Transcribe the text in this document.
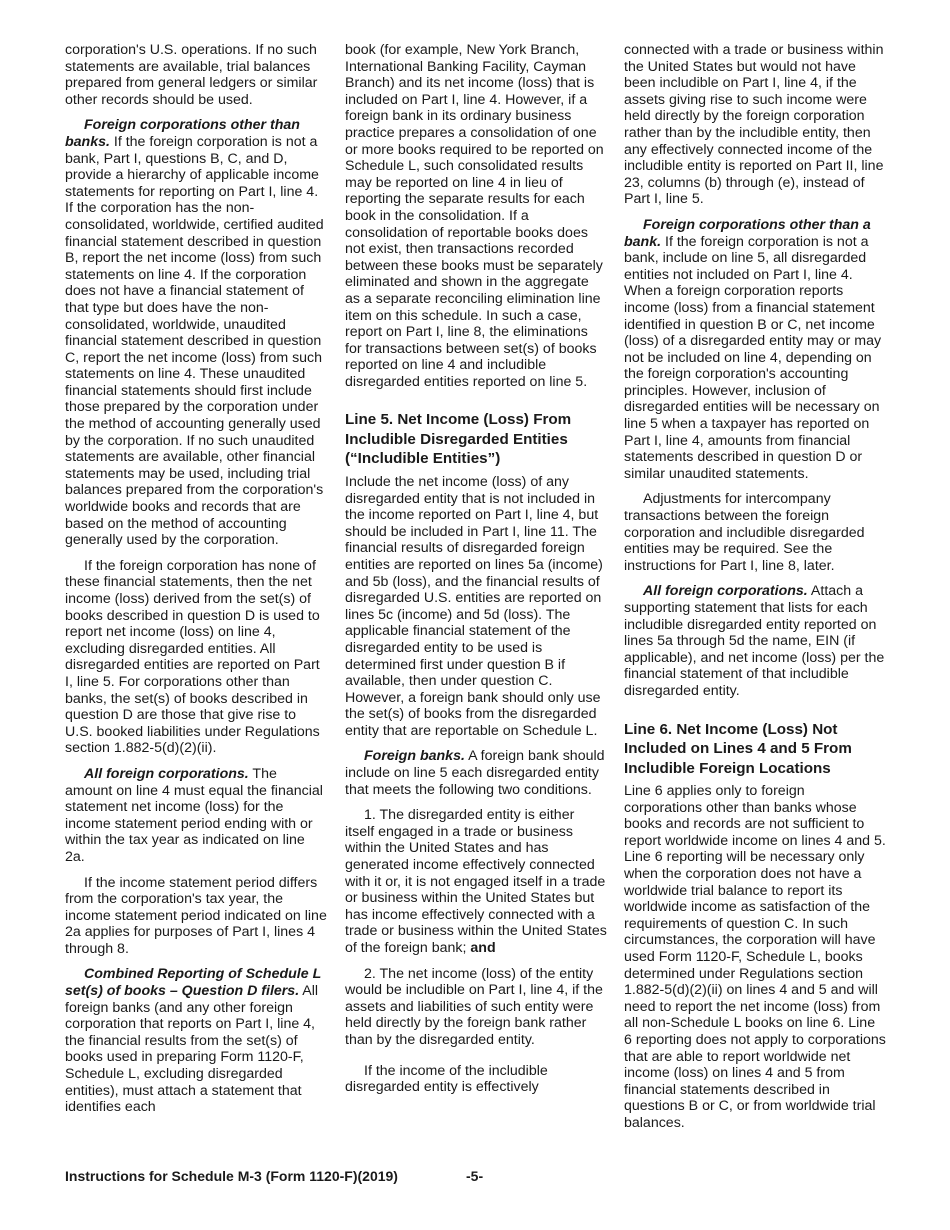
corporation's U.S. operations. If no such statements are available, trial balances prepared from general ledgers or similar other records should be used.

Foreign corporations other than banks. If the foreign corporation is not a bank, Part I, questions B, C, and D, provide a hierarchy of applicable income statements for reporting on Part I, line 4. If the corporation has the non-consolidated, worldwide, certified audited financial statement described in question B, report the net income (loss) from such statements on line 4. If the corporation does not have a financial statement of that type but does have the non-consolidated, worldwide, unaudited financial statement described in question C, report the net income (loss) from such statements on line 4. These unaudited financial statements should first include those prepared by the corporation under the method of accounting generally used by the corporation. If no such unaudited statements are available, other financial statements may be used, including trial balances prepared from the corporation's worldwide books and records that are based on the method of accounting generally used by the corporation.

If the foreign corporation has none of these financial statements, then the net income (loss) derived from the set(s) of books described in question D is used to report net income (loss) on line 4, excluding disregarded entities. All disregarded entities are reported on Part I, line 5. For corporations other than banks, the set(s) of books described in question D are those that give rise to U.S. booked liabilities under Regulations section 1.882-5(d)(2)(ii).

All foreign corporations. The amount on line 4 must equal the financial statement net income (loss) for the income statement period ending with or within the tax year as indicated on line 2a.

If the income statement period differs from the corporation's tax year, the income statement period indicated on line 2a applies for purposes of Part I, lines 4 through 8.

Combined Reporting of Schedule L set(s) of books – Question D filers. All foreign banks (and any other foreign corporation that reports on Part I, line 4, the financial results from the set(s) of books used in preparing Form 1120-F, Schedule L, excluding disregarded entities), must attach a statement that identifies each

book (for example, New York Branch, International Banking Facility, Cayman Branch) and its net income (loss) that is included on Part I, line 4. However, if a foreign bank in its ordinary business practice prepares a consolidation of one or more books required to be reported on Schedule L, such consolidated results may be reported on line 4 in lieu of reporting the separate results for each book in the consolidation. If a consolidation of reportable books does not exist, then transactions recorded between these books must be separately eliminated and shown in the aggregate as a separate reconciling elimination line item on this schedule. In such a case, report on Part I, line 8, the eliminations for transactions between set(s) of books reported on line 4 and includible disregarded entities reported on line 5.

Line 5. Net Income (Loss) From Includible Disregarded Entities (“Includible Entities”)

Include the net income (loss) of any disregarded entity that is not included in the income reported on Part I, line 4, but should be included in Part I, line 11. The financial results of disregarded foreign entities are reported on lines 5a (income) and 5b (loss), and the financial results of disregarded U.S. entities are reported on lines 5c (income) and 5d (loss). The applicable financial statement of the disregarded entity to be used is determined first under question B if available, then under question C. However, a foreign bank should only use the set(s) of books from the disregarded entity that are reportable on Schedule L.

Foreign banks. A foreign bank should include on line 5 each disregarded entity that meets the following two conditions.

1. The disregarded entity is either itself engaged in a trade or business within the United States and has generated income effectively connected with it or, it is not engaged itself in a trade or business within the United States but has income effectively connected with a trade or business within the United States of the foreign bank; and

2. The net income (loss) of the entity would be includible on Part I, line 4, if the assets and liabilities of such entity were held directly by the foreign bank rather than by the disregarded entity.

If the income of the includible disregarded entity is effectively

connected with a trade or business within the United States but would not have been includible on Part I, line 4, if the assets giving rise to such income were held directly by the foreign corporation rather than by the includible entity, then any effectively connected income of the includible entity is reported on Part II, line 23, columns (b) through (e), instead of Part I, line 5.

Foreign corporations other than a bank. If the foreign corporation is not a bank, include on line 5, all disregarded entities not included on Part I, line 4. When a foreign corporation reports income (loss) from a financial statement identified in question B or C, net income (loss) of a disregarded entity may or may not be included on line 4, depending on the foreign corporation's accounting principles. However, inclusion of disregarded entities will be necessary on line 5 when a taxpayer has reported on Part I, line 4, amounts from financial statements described in question D or similar unaudited statements.

Adjustments for intercompany transactions between the foreign corporation and includible disregarded entities may be required. See the instructions for Part I, line 8, later.

All foreign corporations. Attach a supporting statement that lists for each includible disregarded entity reported on lines 5a through 5d the name, EIN (if applicable), and net income (loss) per the financial statement of that includible disregarded entity.

Line 6. Net Income (Loss) Not Included on Lines 4 and 5 From Includible Foreign Locations

Line 6 applies only to foreign corporations other than banks whose books and records are not sufficient to report worldwide income on lines 4 and 5. Line 6 reporting will be necessary only when the corporation does not have a worldwide trial balance to report its worldwide income as satisfaction of the requirements of question C. In such circumstances, the corporation will have used Form 1120-F, Schedule L, books determined under Regulations section 1.882-5(d)(2)(ii) on lines 4 and 5 and will need to report the net income (loss) from all non-Schedule L books on line 6. Line 6 reporting does not apply to corporations that are able to report worldwide net income (loss) on lines 4 and 5 from financial statements described in questions B or C, or from worldwide trial balances.

Instructions for Schedule M-3 (Form 1120-F)(2019)	-5-
